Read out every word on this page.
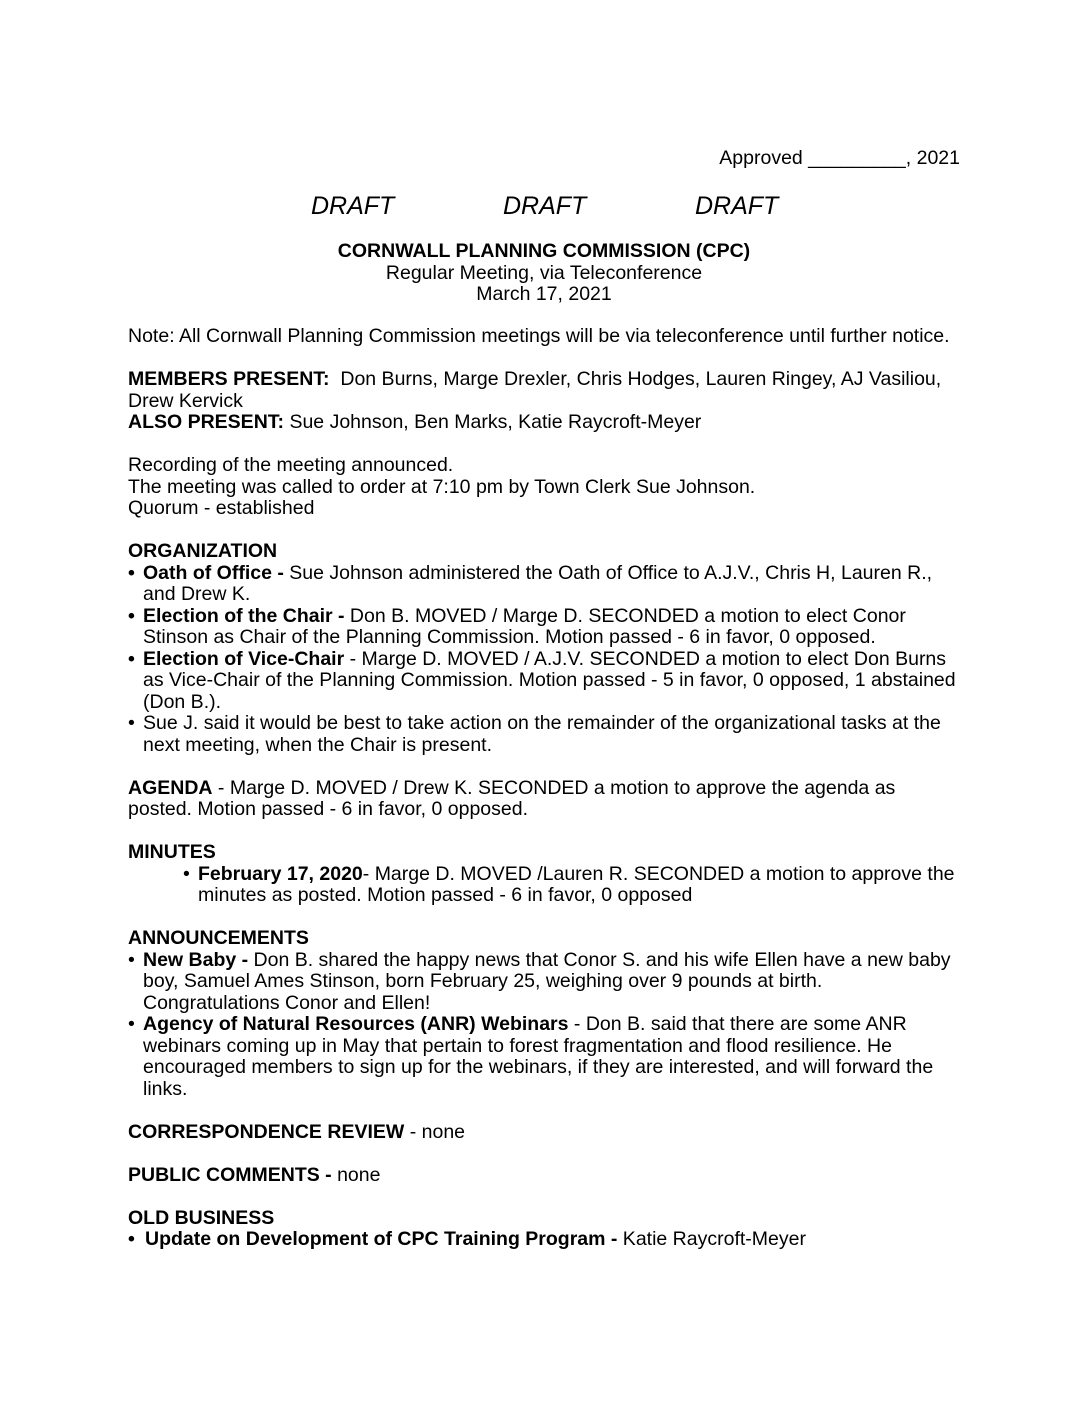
Approved _________, 2021
DRAFT	DRAFT	DRAFT
CORNWALL PLANNING COMMISSION (CPC)
Regular Meeting, via Teleconference
March 17, 2021
Note: All Cornwall Planning Commission meetings will be via teleconference until further notice.
MEMBERS PRESENT:  Don Burns, Marge Drexler, Chris Hodges, Lauren Ringey, AJ Vasiliou,
Drew Kervick
ALSO PRESENT: Sue Johnson, Ben Marks, Katie Raycroft-Meyer
Recording of the meeting announced.
The meeting was called to order at 7:10 pm by Town Clerk Sue Johnson.
Quorum - established
ORGANIZATION
• Oath of Office - Sue Johnson administered the Oath of Office to A.J.V., Chris H, Lauren R.,
and Drew K.
• Election of the Chair - Don B. MOVED / Marge D. SECONDED a motion to elect Conor
Stinson as Chair of the Planning Commission. Motion passed - 6 in favor, 0 opposed.
• Election of Vice-Chair - Marge D. MOVED / A.J.V. SECONDED a motion to elect Don Burns
as Vice-Chair of the Planning Commission. Motion passed - 5 in favor, 0 opposed, 1 abstained
(Don B.).
• Sue J. said it would be best to take action on the remainder of the organizational tasks at the
next meeting, when the Chair is present.
AGENDA - Marge D. MOVED / Drew K. SECONDED a motion to approve the agenda as
posted. Motion passed - 6 in favor, 0 opposed.
MINUTES
• February 17, 2020- Marge D. MOVED /Lauren R. SECONDED a motion to approve the
minutes as posted. Motion passed - 6 in favor, 0 opposed
ANNOUNCEMENTS
• New Baby - Don B. shared the happy news that Conor S. and his wife Ellen have a new baby
boy, Samuel Ames Stinson, born February 25, weighing over 9 pounds at birth.
Congratulations Conor and Ellen!
• Agency of Natural Resources (ANR) Webinars - Don B. said that there are some ANR
webinars coming up in May that pertain to forest fragmentation and flood resilience. He
encouraged members to sign up for the webinars, if they are interested, and will forward the
links.
CORRESPONDENCE REVIEW - none
PUBLIC COMMENTS - none
OLD BUSINESS
• Update on Development of CPC Training Program - Katie Raycroft-Meyer
